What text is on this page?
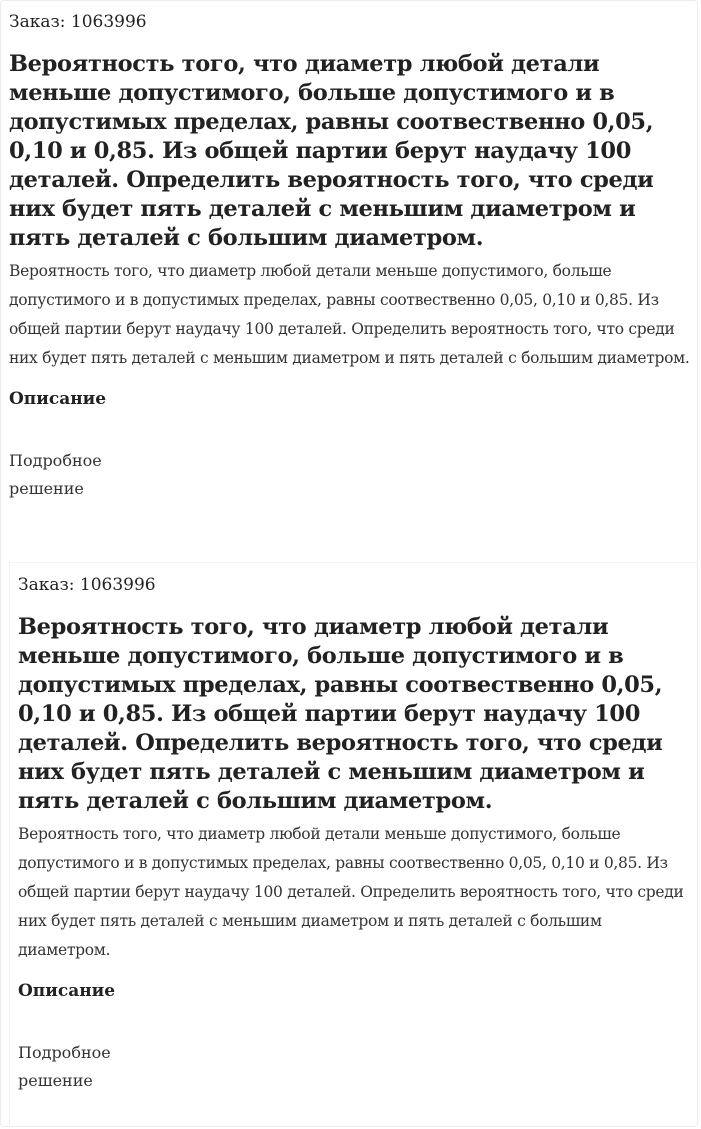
Заказ: 1063996

Вероятность того, что диаметр любой детали меньше допустимого, больше допустимого и в допустимых пределах, равны соотвественно 0,05, 0,10 и 0,85. Из общей партии берут наудачу 100 деталей. Определить вероятность того, что среди них будет пять деталей с меньшим диаметром и пять деталей с большим диаметром.

Вероятность того, что диаметр любой детали меньше допустимого, больше допустимого и в допустимых пределах, равны соотвественно 0,05, 0,10 и 0,85. Из общей партии берут наудачу 100 деталей. Определить вероятность того, что среди них будет пять деталей с меньшим диаметром и пять деталей с большим диаметром.

Описание
Подробное решение

Заказ: 1063996

Вероятность того, что диаметр любой детали меньше допустимого, больше допустимого и в допустимых пределах, равны соотвественно 0,05, 0,10 и 0,85. Из общей партии берут наудачу 100 деталей. Определить вероятность того, что среди них будет пять деталей с меньшим диаметром и пять деталей с большим диаметром.

Вероятность того, что диаметр любой детали меньше допустимого, больше допустимого и в допустимых пределах, равны соотвественно 0,05, 0,10 и 0,85. Из общей партии берут наудачу 100 деталей. Определить вероятность того, что среди них будет пять деталей с меньшим диаметром и пять деталей с большим диаметром.

Описание
Подробное решение
